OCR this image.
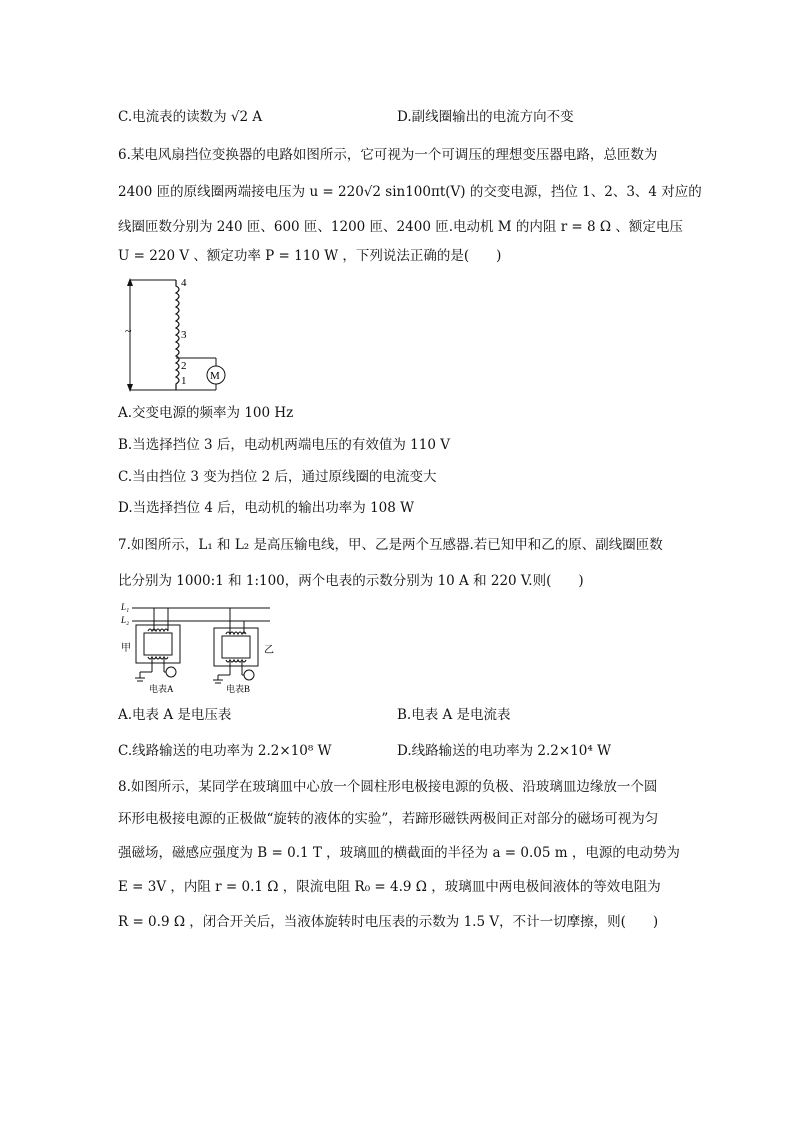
C.电流表的读数为 √2 A	D.副线圈输出的电流方向不变
6.某电风扇挡位变换器的电路如图所示，它可视为一个可调压的理想变压器电路，总匝数为
2400 匝的原线圈两端接电压为 u = 220√2 sin100πt(V) 的交变电源，挡位 1、2、3、4 对应的
线圈匝数分别为 240 匝、600 匝、1200 匝、2400 匝.电动机 M 的内阻 r = 8 Ω 、额定电压
U = 220 V 、额定功率 P = 110 W ，下列说法正确的是(　　)
~
4
3
2
1 M
A.交变电源的频率为 100 Hz
B.当选择挡位 3 后，电动机两端电压的有效值为 110 V
C.当由挡位 3 变为挡位 2 后，通过原线圈的电流变大
D.当选择挡位 4 后，电动机的输出功率为 108 W
7.如图所示，L₁ 和 L₂ 是高压输电线，甲、乙是两个互感器.若已知甲和乙的原、副线圈匝数
比分别为 1000:1 和 1:100，两个电表的示数分别为 10 A 和 220 V.则(　　)
L₁
L₂
甲
电表A
乙
电表B
A.电表 A 是电压表	B.电表 A 是电流表
C.线路输送的电功率为 2.2×10⁸ W	D.线路输送的电功率为 2.2×10⁴ W
8.如图所示，某同学在玻璃皿中心放一个圆柱形电极接电源的负极、沿玻璃皿边缘放一个圆
环形电极接电源的正极做“旋转的液体的实验”，若蹄形磁铁两极间正对部分的磁场可视为匀
强磁场，磁感应强度为 B = 0.1 T ，玻璃皿的横截面的半径为 a = 0.05 m ，电源的电动势为
E = 3V ，内阻 r = 0.1 Ω ，限流电阻 R₀ = 4.9 Ω ，玻璃皿中两电极间液体的等效电阻为
R = 0.9 Ω ，闭合开关后，当液体旋转时电压表的示数为 1.5 V，不计一切摩擦，则(　　)
